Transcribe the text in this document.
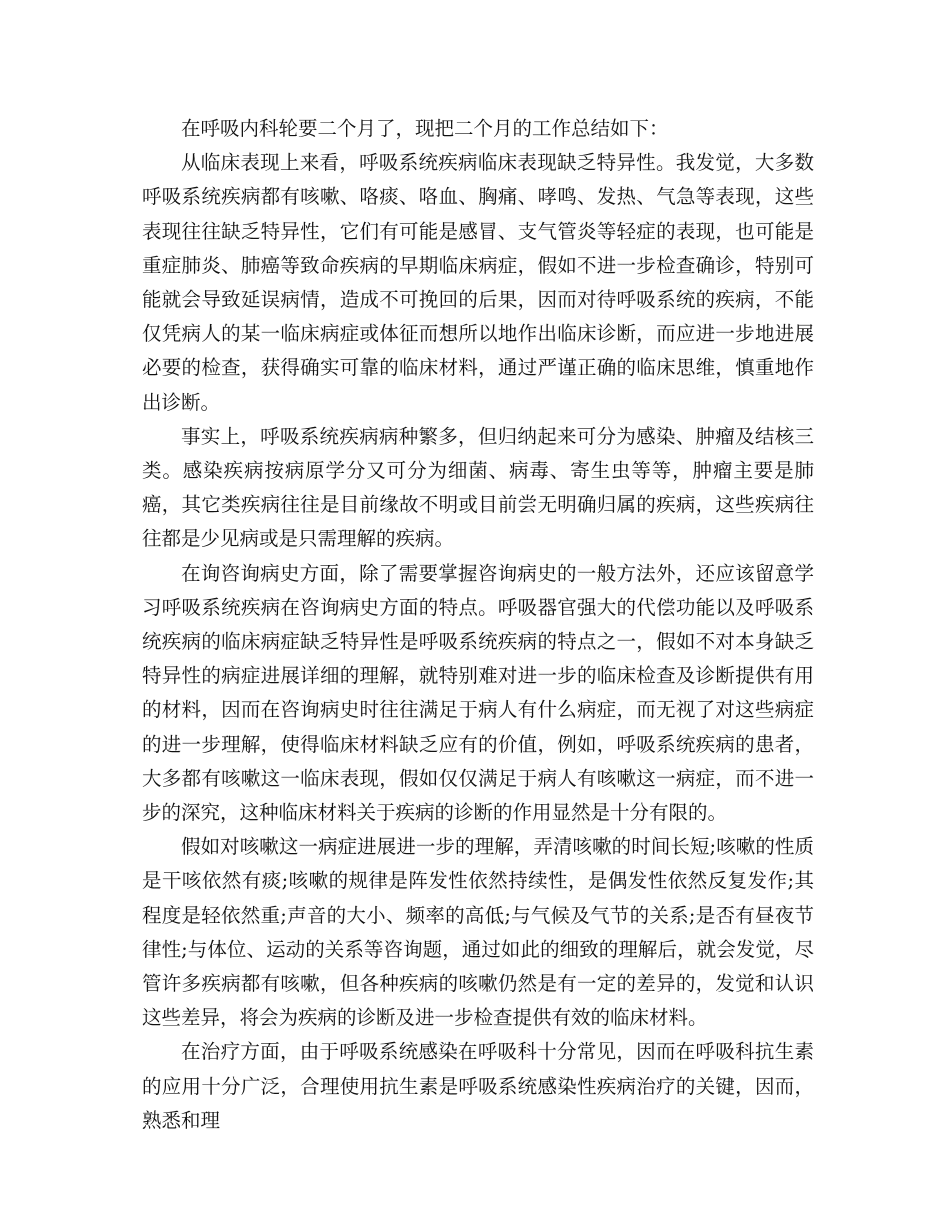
在呼吸内科轮要二个月了，现把二个月的工作总结如下：

从临床表现上来看，呼吸系统疾病临床表现缺乏特异性。我发觉，大多数呼吸系统疾病都有咳嗽、咯痰、咯血、胸痛、哮鸣、发热、气急等表现，这些表现往往缺乏特异性，它们有可能是感冒、支气管炎等轻症的表现，也可能是重症肺炎、肺癌等致命疾病的早期临床病症，假如不进一步检查确诊，特别可能就会导致延误病情，造成不可挽回的后果，因而对待呼吸系统的疾病，不能仅凭病人的某一临床病症或体征而想所以地作出临床诊断，而应进一步地进展必要的检查，获得确实可靠的临床材料，通过严谨正确的临床思维，慎重地作出诊断。

事实上，呼吸系统疾病病种繁多，但归纳起来可分为感染、肿瘤及结核三类。感染疾病按病原学分又可分为细菌、病毒、寄生虫等等，肿瘤主要是肺癌，其它类疾病往往是目前缘故不明或目前尝无明确归属的疾病，这些疾病往往都是少见病或是只需理解的疾病。

在询咨询病史方面，除了需要掌握咨询病史的一般方法外，还应该留意学习呼吸系统疾病在咨询病史方面的特点。呼吸器官强大的代偿功能以及呼吸系统疾病的临床病症缺乏特异性是呼吸系统疾病的特点之一，假如不对本身缺乏特异性的病症进展详细的理解，就特别难对进一步的临床检查及诊断提供有用的材料，因而在咨询病史时往往满足于病人有什么病症，而无视了对这些病症的进一步理解，使得临床材料缺乏应有的价值，例如，呼吸系统疾病的患者，大多都有咳嗽这一临床表现，假如仅仅满足于病人有咳嗽这一病症，而不进一步的深究，这种临床材料关于疾病的诊断的作用显然是十分有限的。

假如对咳嗽这一病症进展进一步的理解，弄清咳嗽的时间长短;咳嗽的性质是干咳依然有痰;咳嗽的规律是阵发性依然持续性，是偶发性依然反复发作;其程度是轻依然重;声音的大小、频率的高低;与气候及气节的关系;是否有昼夜节律性;与体位、运动的关系等咨询题，通过如此的细致的理解后，就会发觉，尽管许多疾病都有咳嗽，但各种疾病的咳嗽仍然是有一定的差异的，发觉和认识这些差异，将会为疾病的诊断及进一步检查提供有效的临床材料。

在治疗方面，由于呼吸系统感染在呼吸科十分常见，因而在呼吸科抗生素的应用十分广泛，合理使用抗生素是呼吸系统感染性疾病治疗的关键，因而，熟悉和理
